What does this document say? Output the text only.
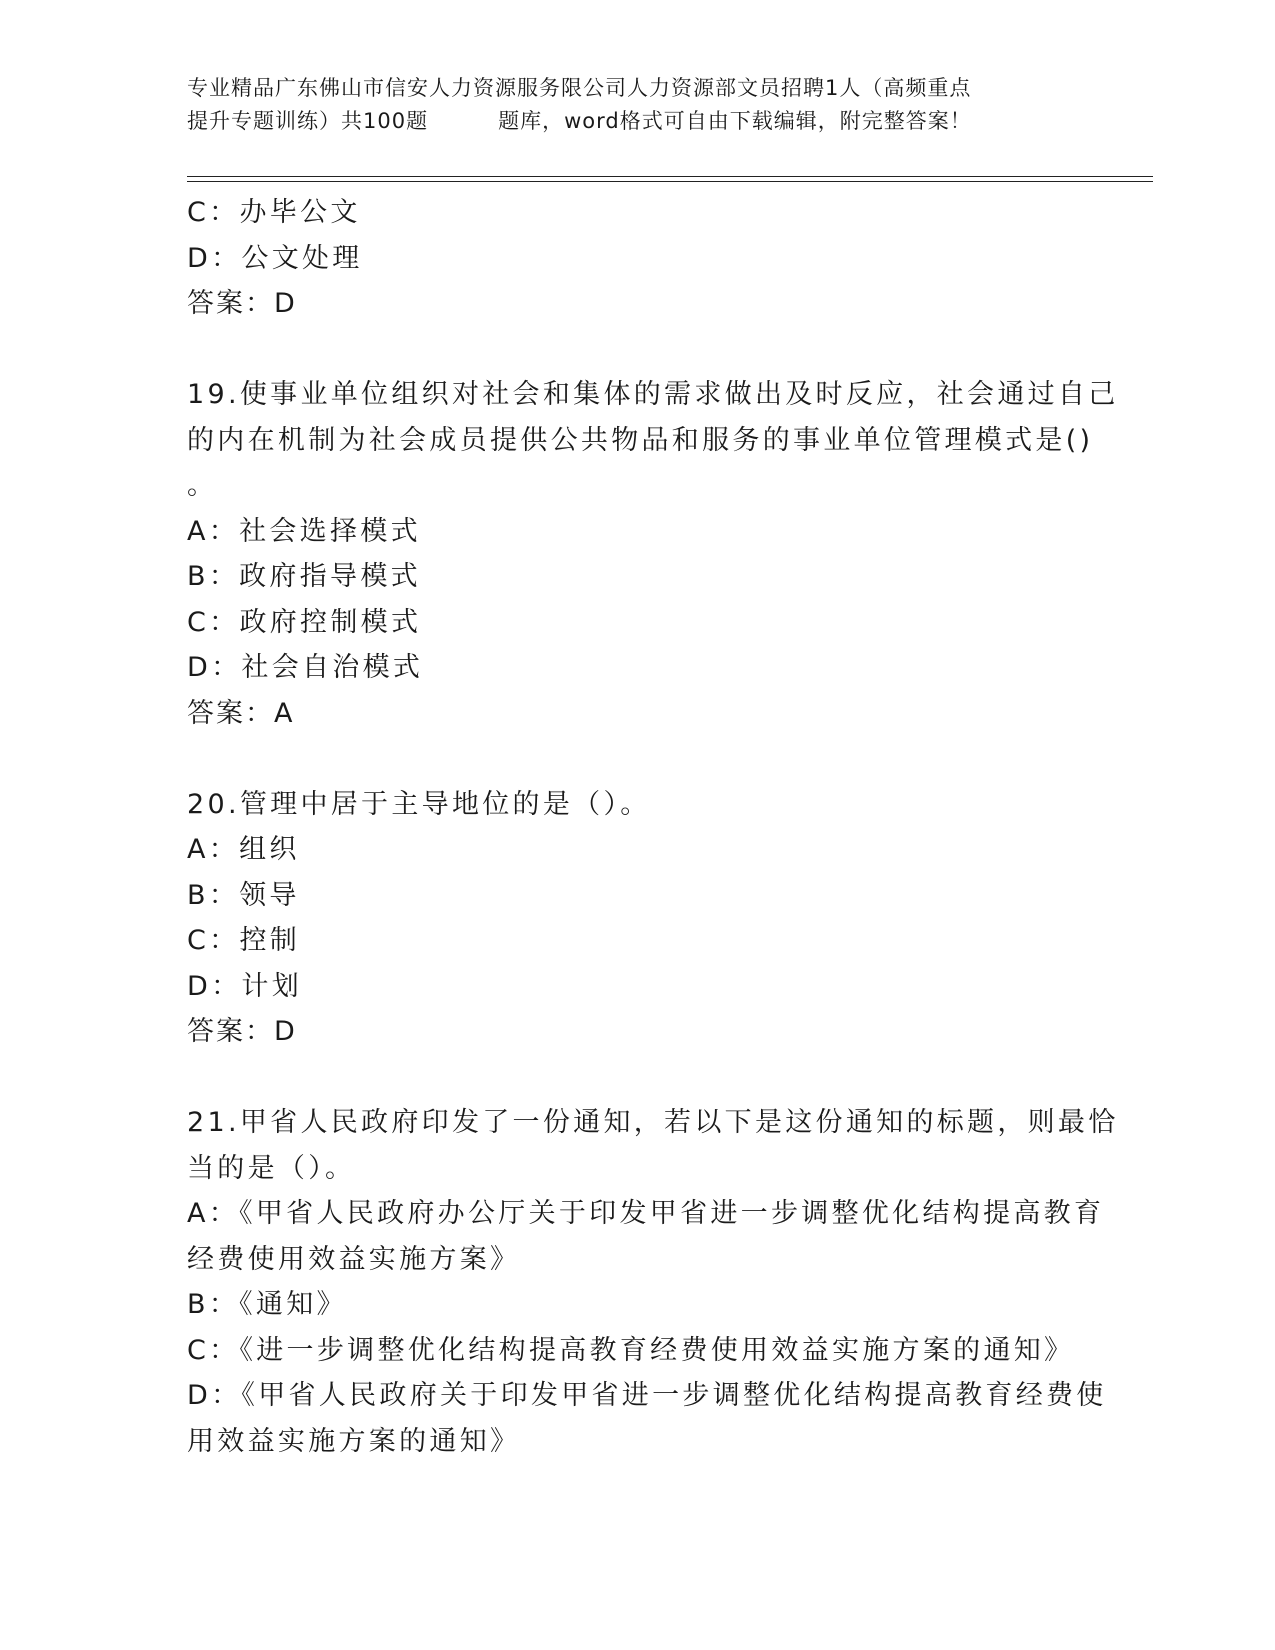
专业精品广东佛山市信安人力资源服务限公司人力资源部文员招聘1人（高频重点
提升专题训练）共100题	题库，word格式可自由下载编辑，附完整答案！
C：办毕公文
D：公文处理
答案：D
19.使事业单位组织对社会和集体的需求做出及时反应，社会通过自己
的内在机制为社会成员提供公共物品和服务的事业单位管理模式是()
。
A：社会选择模式
B：政府指导模式
C：政府控制模式
D：社会自治模式
答案：A
20.管理中居于主导地位的是（）。
A：组织
B：领导
C：控制
D：计划
答案：D
21.甲省人民政府印发了一份通知，若以下是这份通知的标题，则最恰
当的是（）。
A：《甲省人民政府办公厅关于印发甲省进一步调整优化结构提高教育
经费使用效益实施方案》
B：《通知》
C：《进一步调整优化结构提高教育经费使用效益实施方案的通知》
D：《甲省人民政府关于印发甲省进一步调整优化结构提高教育经费使
用效益实施方案的通知》
